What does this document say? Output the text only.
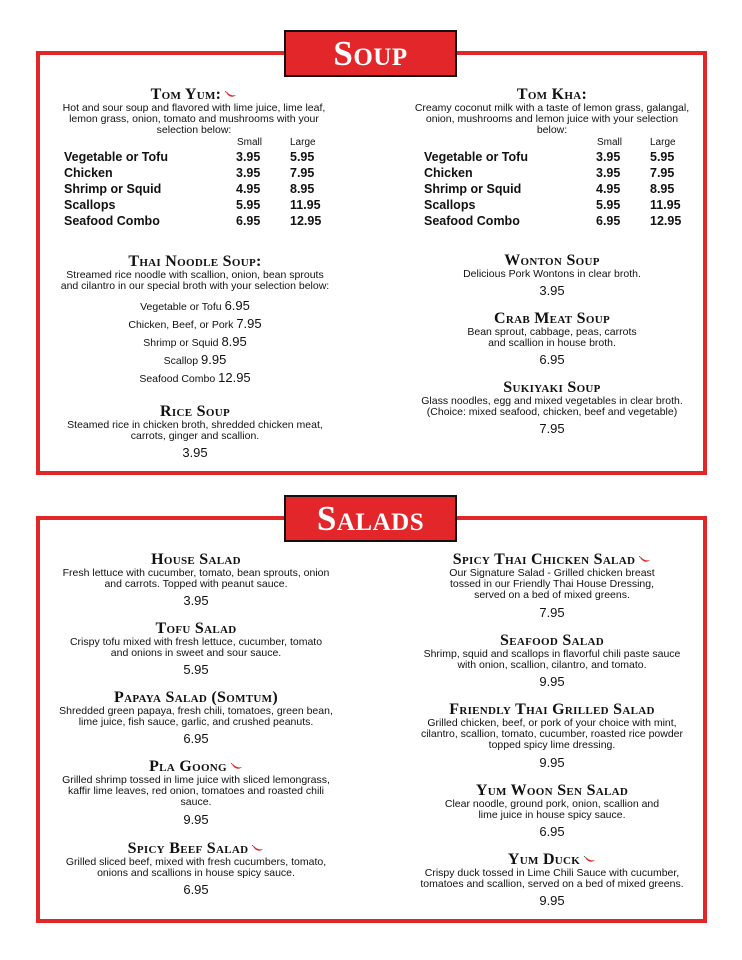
Soup
Tom Yum:
Hot and sour soup and flavored with lime juice, lime leaf, lemon grass, onion, tomato and mushrooms with your selection below:
Small	Large
Vegetable or Tofu	3.95	5.95
Chicken	3.95	7.95
Shrimp or Squid	4.95	8.95
Scallops	5.95	11.95
Seafood Combo	6.95	12.95
Tom Kha:
Creamy coconut milk with a taste of lemon grass, galangal, onion, mushrooms and lemon juice with your selection below:
Small	Large
Vegetable or Tofu	3.95	5.95
Chicken	3.95	7.95
Shrimp or Squid	4.95	8.95
Scallops	5.95	11.95
Seafood Combo	6.95	12.95
Thai Noodle Soup:
Streamed rice noodle with scallion, onion, bean sprouts and cilantro in our special broth with your selection below:
Vegetable or Tofu 6.95
Chicken, Beef, or Pork 7.95
Shrimp or Squid 8.95
Scallop 9.95
Seafood Combo 12.95
Rice Soup
Steamed rice in chicken broth, shredded chicken meat, carrots, ginger and scallion.
3.95
Wonton Soup
Delicious Pork Wontons in clear broth.
3.95
Crab Meat Soup
Bean sprout, cabbage, peas, carrots and scallion in house broth.
6.95
Sukiyaki Soup
Glass noodles, egg and mixed vegetables in clear broth. (Choice: mixed seafood, chicken, beef and vegetable)
7.95
Salads
House Salad
Fresh lettuce with cucumber, tomato, bean sprouts, onion and carrots. Topped with peanut sauce.
3.95
Tofu Salad
Crispy tofu mixed with fresh lettuce, cucumber, tomato and onions in sweet and sour sauce.
5.95
Papaya Salad (Somtum)
Shredded green papaya, fresh chili, tomatoes, green bean, lime juice, fish sauce, garlic, and crushed peanuts.
6.95
Pla Goong
Grilled shrimp tossed in lime juice with sliced lemongrass, kaffir lime leaves, red onion, tomatoes and roasted chili sauce.
9.95
Spicy Beef Salad
Grilled sliced beef, mixed with fresh cucumbers, tomato, onions and scallions in house spicy sauce.
6.95
Spicy Thai Chicken Salad
Our Signature Salad - Grilled chicken breast tossed in our Friendly Thai House Dressing, served on a bed of mixed greens.
7.95
Seafood Salad
Shrimp, squid and scallops in flavorful chili paste sauce with onion, scallion, cilantro, and tomato.
9.95
Friendly Thai Grilled Salad
Grilled chicken, beef, or pork of your choice with mint, cilantro, scallion, tomato, cucumber, roasted rice powder topped spicy lime dressing.
9.95
Yum Woon Sen Salad
Clear noodle, ground pork, onion, scallion and lime juice in house spicy sauce.
6.95
Yum Duck
Crispy duck tossed in Lime Chili Sauce with cucumber, tomatoes and scallion, served on a bed of mixed greens.
9.95
